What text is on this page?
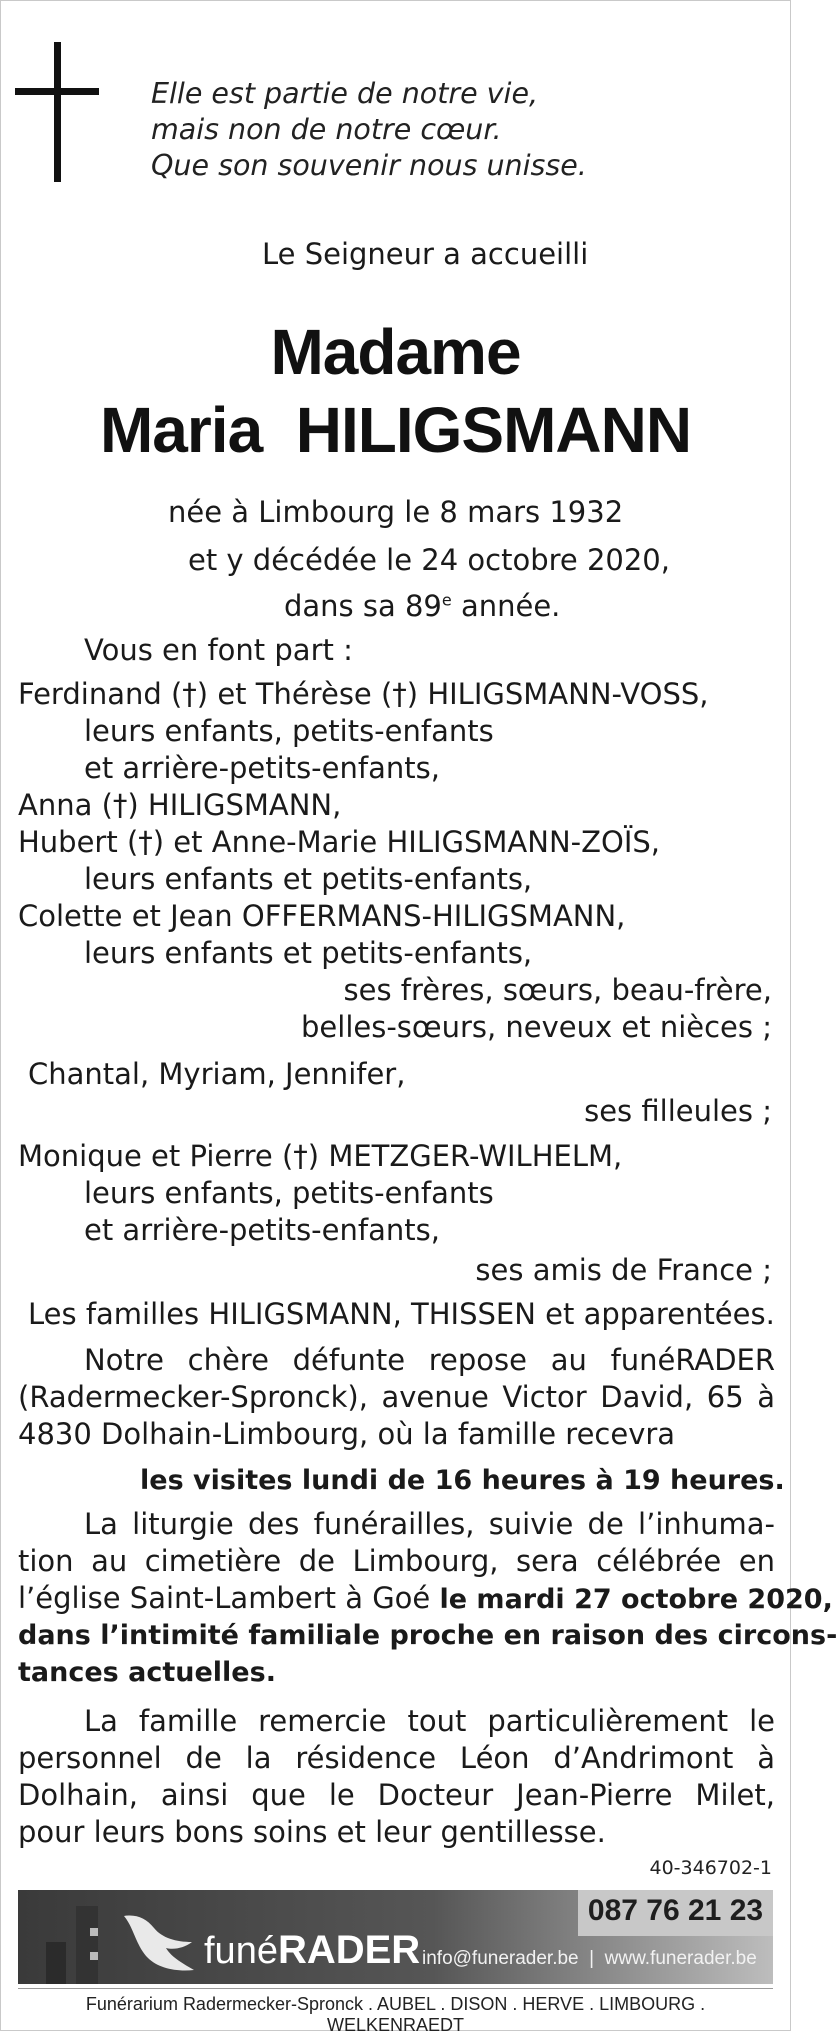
Elle est partie de notre vie,
mais non de notre cœur.
Que son souvenir nous unisse.
Le Seigneur a accueilli
Madame
Maria  HILIGSMANN
née à Limbourg le 8 mars 1932
et y décédée le 24 octobre 2020,
dans sa 89e année.
Vous en font part :
Ferdinand (†) et Thérèse (†) HILIGSMANN-VOSS,
leurs enfants, petits-enfants
et arrière-petits-enfants,
Anna (†) HILIGSMANN,
Hubert (†) et Anne-Marie HILIGSMANN-ZOÏS,
leurs enfants et petits-enfants,
Colette et Jean OFFERMANS-HILIGSMANN,
leurs enfants et petits-enfants,
ses frères, sœurs, beau-frère,
belles-sœurs, neveux et nièces ;
Chantal, Myriam, Jennifer,
ses filleules ;
Monique et Pierre (†) METZGER-WILHELM,
leurs enfants, petits-enfants
et arrière-petits-enfants,
ses amis de France ;
Les familles HILIGSMANN, THISSEN et apparentées.
Notre chère défunte repose au funéRADER
(Radermecker-Spronck), avenue Victor David, 65 à
4830 Dolhain-Limbourg, où la famille recevra
les visites lundi de 16 heures à 19 heures.
La liturgie des funérailles, suivie de l’inhuma-
tion au cimetière de Limbourg, sera célébrée en
l’église Saint-Lambert à Goé le mardi 27 octobre 2020,
dans l’intimité familiale proche en raison des circons-
tances actuelles.
La famille remercie tout particulièrement le
personnel de la résidence Léon d’Andrimont à
Dolhain, ainsi que le Docteur Jean-Pierre Milet,
pour leurs bons soins et leur gentillesse.
40-346702-1
087 76 21 23
funéRADER info@funerader.be  |  www.funerader.be
Funérarium Radermecker-Spronck . AUBEL . DISON . HERVE . LIMBOURG . WELKENRAEDT
